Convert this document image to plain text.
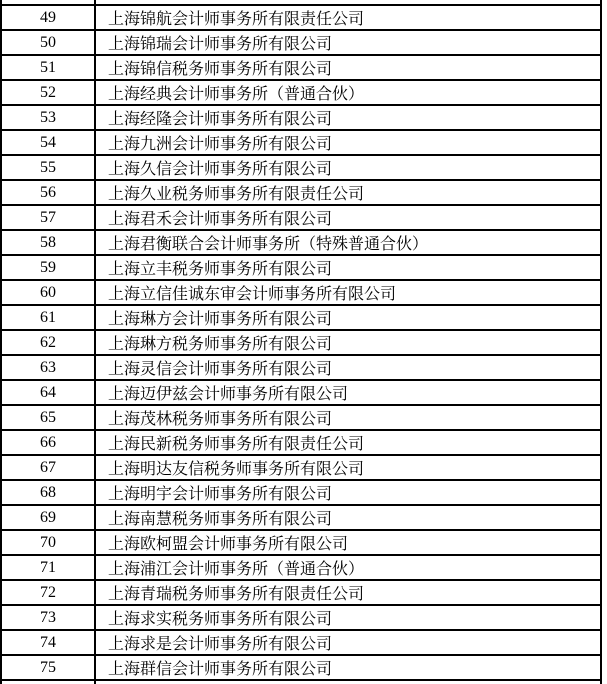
49	上海锦航会计师事务所有限责任公司
50	上海锦瑞会计师事务所有限公司
51	上海锦信税务师事务所有限公司
52	上海经典会计师事务所（普通合伙）
53	上海经隆会计师事务所有限公司
54	上海九洲会计师事务所有限公司
55	上海久信会计师事务所有限公司
56	上海久业税务师事务所有限责任公司
57	上海君禾会计师事务所有限公司
58	上海君衡联合会计师事务所（特殊普通合伙）
59	上海立丰税务师事务所有限公司
60	上海立信佳诚东审会计师事务所有限公司
61	上海琳方会计师事务所有限公司
62	上海琳方税务师事务所有限公司
63	上海灵信会计师事务所有限公司
64	上海迈伊兹会计师事务所有限公司
65	上海茂林税务师事务所有限公司
66	上海民新税务师事务所有限责任公司
67	上海明达友信税务师事务所有限公司
68	上海明宇会计师事务所有限公司
69	上海南慧税务师事务所有限公司
70	上海欧柯盟会计师事务所有限公司
71	上海浦江会计师事务所（普通合伙）
72	上海青瑞税务师事务所有限责任公司
73	上海求实税务师事务所有限公司
74	上海求是会计师事务所有限公司
75	上海群信会计师事务所有限公司
